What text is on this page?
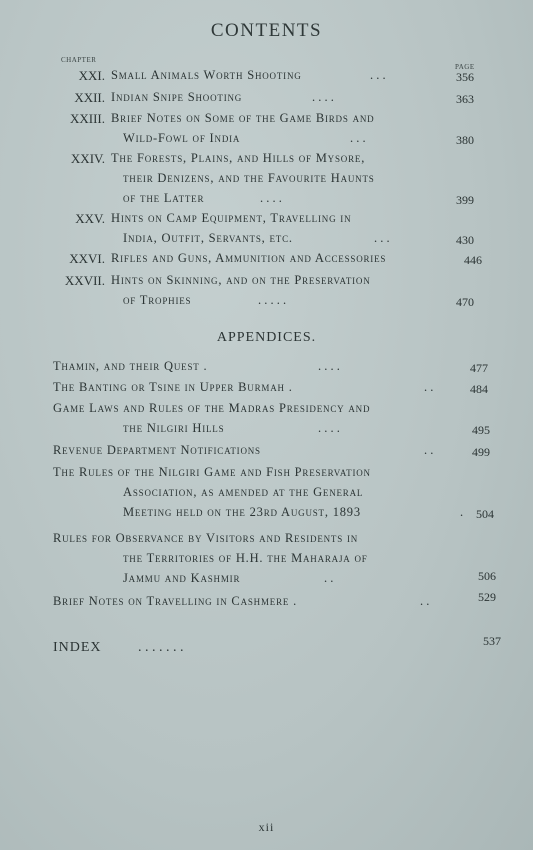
CONTENTS
CHAPTER
PAGE
XXI. Small Animals Worth Shooting	. . .	356
XXII. Indian Snipe Shooting	. . . .	363
XXIII. Brief Notes on Some of the Game Birds and
Wild-Fowl of India	. . .	380
XXIV. The Forests, Plains, and Hills of Mysore,
their Denizens, and the Favourite Haunts
of the Latter	. . . .	399
XXV. Hints on Camp Equipment, Travelling in
India, Outfit, Servants, etc.	. . .	430
XXVI. Rifles and Guns, Ammunition and Accessories	446
XXVII. Hints on Skinning, and on the Preservation
of Trophies	. . . . .	470
APPENDICES.
Thamin, and their Quest .	. . . .	477
The Banting or Tsine in Upper Burmah .	. .	484
Game Laws and Rules of the Madras Presidency and
the Nilgiri Hills	. . . .	495
Revenue Department Notifications	. .	499
The Rules of the Nilgiri Game and Fish Preservation
Association, as amended at the General
Meeting held on the 23rd August, 1893	. 504
Rules for Observance by Visitors and Residents in
the Territories of H.H. the Maharaja of
Jammu and Kashmir	. .	506
Brief Notes on Travelling in Cashmere .	. .	529
INDEX	. . . . . . .	537
xii
